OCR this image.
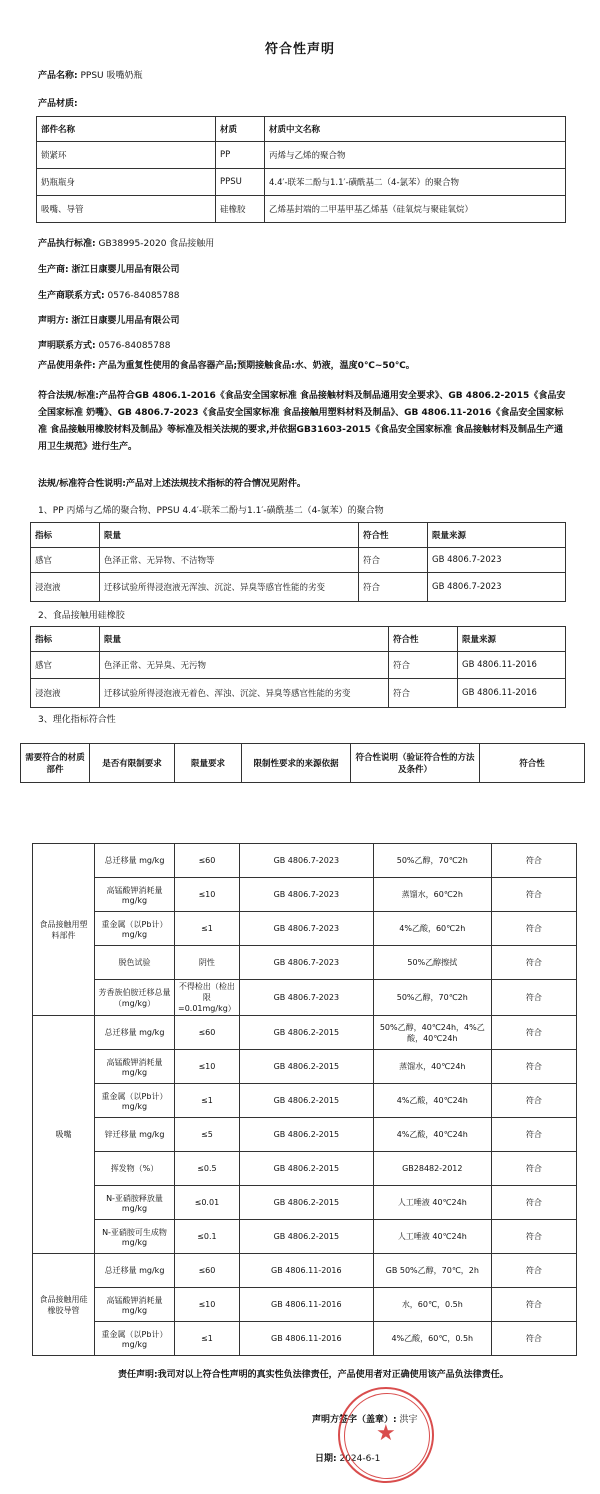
符合性声明
产品名称: PPSU 吸嘴奶瓶
产品材质:
部件名称	材质	材质中文名称
锁紧环	PP	丙烯与乙烯的聚合物
奶瓶瓶身	PPSU	4.4′-联苯二酚与1.1′-磺酰基二（4-氯苯）的聚合物
吸嘴、导管	硅橡胶	乙烯基封端的二甲基甲基乙烯基（硅氧烷与聚硅氧烷）
产品执行标准: GB38995-2020 食品接触用
生产商: 浙江日康婴儿用品有限公司
生产商联系方式: 0576-84085788
声明方: 浙江日康婴儿用品有限公司
声明联系方式: 0576-84085788
产品使用条件: 产品为重复性使用的食品容器产品;预期接触食品:水、奶液，温度0℃~50℃。
符合法规/标准:产品符合GB 4806.1-2016《食品安全国家标准 食品接触材料及制品通用安全要求》、GB 4806.2-2015《食品安全国家标准 奶嘴》、GB 4806.7-2023《食品安全国家标准 食品接触用塑料材料及制品》、GB 4806.11-2016《食品安全国家标准 食品接触用橡胶材料及制品》等标准及相关法规的要求,并依据GB31603-2015《食品安全国家标准 食品接触材料及制品生产通用卫生规范》进行生产。
法规/标准符合性说明:产品对上述法规技术指标的符合情况见附件。
1、PP 丙烯与乙烯的聚合物、PPSU 4.4′-联苯二酚与1.1′-磺酰基二（4-氯苯）的聚合物
指标	限量	符合性	限量来源
感官	色泽正常、无异物、不洁物等	符合	GB 4806.7-2023
浸泡液	迁移试验所得浸泡液无浑浊、沉淀、异臭等感官性能的劣变	符合	GB 4806.7-2023
2、食品接触用硅橡胶
指标	限量	符合性	限量来源
感官	色泽正常、无异臭、无污物	符合	GB 4806.11-2016
浸泡液	迁移试验所得浸泡液无着色、浑浊、沉淀、异臭等感官性能的劣变	符合	GB 4806.11-2016
3、理化指标符合性
需要符合的材质部件	是否有限制要求	限量要求	限制性要求的来源依据	符合性说明（验证符合性的方法及条件）	符合性
食品接触用塑料部件	总迁移量 mg/kg	≤60	GB 4806.7-2023	50%乙醇，70℃2h	符合
	高锰酸钾消耗量 mg/kg	≤10	GB 4806.7-2023	蒸馏水，60℃2h	符合
	重金属（以Pb计）mg/kg	≤1	GB 4806.7-2023	4%乙酸，60℃2h	符合
	脱色试验	阴性	GB 4806.7-2023	50%乙醇擦拭	符合
	芳香族伯胺迁移总量（mg/kg）	不得检出（检出限=0.01mg/kg）	GB 4806.7-2023	50%乙醇，70℃2h	符合
吸嘴	总迁移量 mg/kg	≤60	GB 4806.2-2015	50%乙醇，40℃24h，4%乙酸，40℃24h	符合
	高锰酸钾消耗量 mg/kg	≤10	GB 4806.2-2015	蒸馏水，40℃24h	符合
	重金属（以Pb计）mg/kg	≤1	GB 4806.2-2015	4%乙酸，40℃24h	符合
	锌迁移量 mg/kg	≤5	GB 4806.2-2015	4%乙酸，40℃24h	符合
	挥发物（%）	≤0.5	GB 4806.2-2015	GB28482-2012	符合
	N-亚硝胺释放量 mg/kg	≤0.01	GB 4806.2-2015	人工唾液 40℃24h	符合
	N-亚硝胺可生成物 mg/kg	≤0.1	GB 4806.2-2015	人工唾液 40℃24h	符合
食品接触用硅橡胶导管	总迁移量 mg/kg	≤60	GB 4806.11-2016	GB 50%乙醇，70℃，2h	符合
	高锰酸钾消耗量 mg/kg	≤10	GB 4806.11-2016	水，60℃，0.5h	符合
	重金属（以Pb计）mg/kg	≤1	GB 4806.11-2016	4%乙酸，60℃，0.5h	符合
责任声明:我司对以上符合性声明的真实性负法律责任，产品使用者对正确使用该产品负法律责任。
声明方签字（盖章）: 洪宇
日期: 2024-6-1
★
